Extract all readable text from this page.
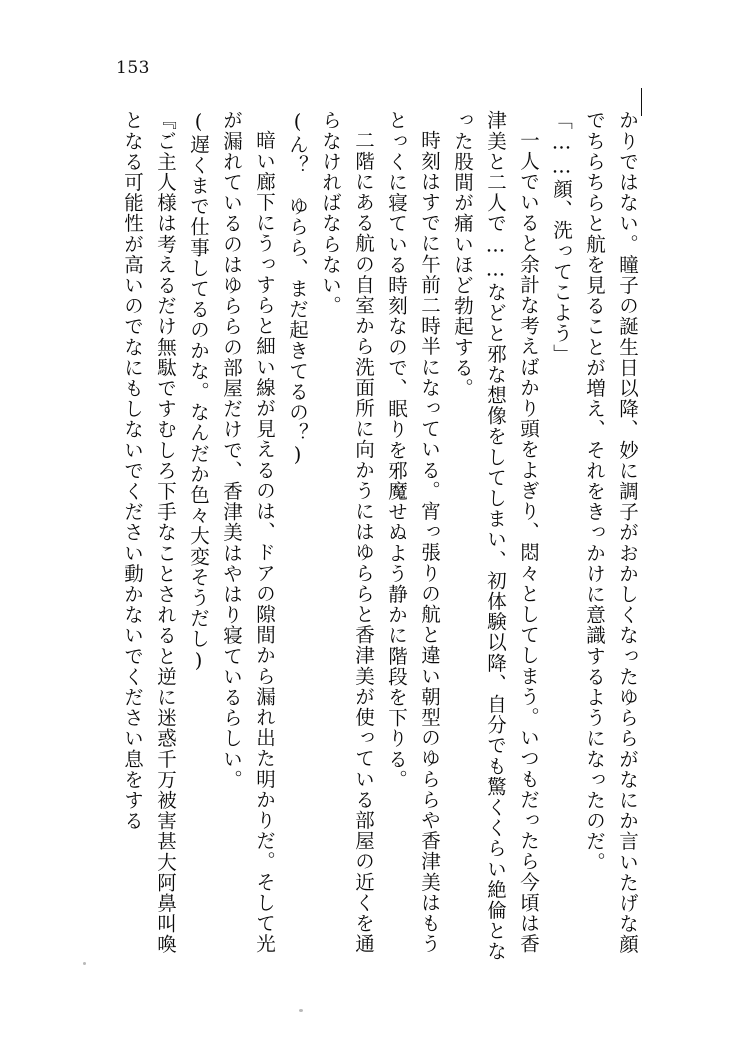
153

かりではない。瞳子の誕生日以降、妙に調子がおかしくなったゆららがなにか言いたげな顔でちらちらと航を見ることが増え、それをきっかけに意識するようになったのだ。

「……顔、洗ってこよう」

一人でいると余計な考えばかり頭をよぎり、悶々としてしまう。いつもだったら今頃は香津美と二人で……などと邪な想像をしてしまい、初体験以降、自分でも驚くくらい絶倫となった股間が痛いほど勃起する。

時刻はすでに午前二時半になっている。宵っ張りの航と違い朝型のゆららや香津美はもうとっくに寝ている時刻なので、眠りを邪魔せぬよう静かに階段を下りる。

二階にある航の自室から洗面所に向かうにはゆららと香津美が使っている部屋の近くを通らなければならない。

(ん？　ゆらら、まだ起きてるの？)

暗い廊下にうっすらと細い線が見えるのは、ドアの隙間から漏れ出た明かりだ。そして光が漏れているのはゆららの部屋だけで、香津美はやはり寝ているらしい。

(遅くまで仕事してるのかな。なんだか色々大変そうだし)

『ご主人様は考えるだけ無駄ですむしろ下手なことされると逆に迷惑千万被害甚大阿鼻叫喚となる可能性が高いのでなにもしないでください動かないでください息をする
